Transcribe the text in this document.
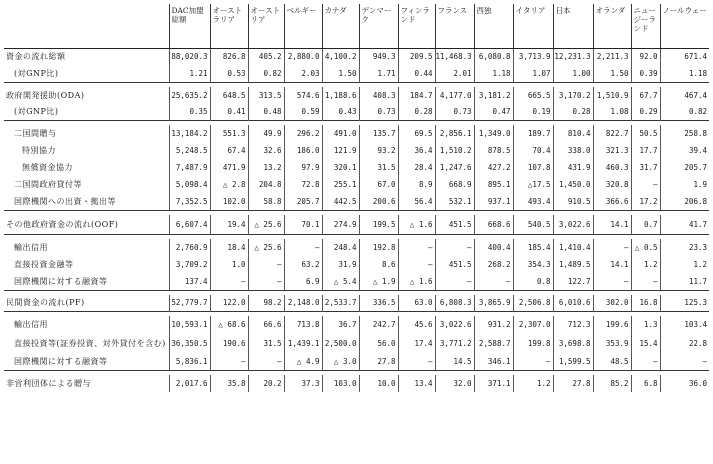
	DAC加盟総額	オーストラリア	オーストリア	ベルギー	カナダ	デンマーク	フィンランド	フランス	西独	イタリア	日本	オランダ	ニュージーランド	ノールウェー
資金の流れ総額	88,020.3	826.8	405.2	2,880.0	4,100.2	949.3	209.5	11,468.3	6,080.8	3,713.9	12,231.3	2,211.3	92.0	671.4
(対GNP比)	1.21	0.53	0.82	2.03	1.50	1.71	0.44	2.01	1.18	1.07	1.00	1.50	0.39	1.18

政府開発援助(ODA)	25,635.2	648.5	313.5	574.6	1,188.6	408.3	184.7	4,177.0	3,181.2	665.5	3,170.2	1,510.9	67.7	467.4
(対GNP比)	0.35	0.41	0.48	0.59	0.43	0.73	0.28	0.73	0.47	0.19	0.28	1.08	0.29	0.82

二国間贈与	13,184.2	551.3	49.9	296.2	491.0	135.7	69.5	2,856.1	1,349.0	189.7	810.4	822.7	50.5	258.8
特別協力	5,248.5	67.4	32.6	186.0	121.9	93.2	36.4	1,510.2	878.5	70.4	338.0	321.3	17.7	39.4
無償資金協力	7,487.9	471.9	13.2	97.9	320.1	31.5	28.4	1,247.6	427.2	107.8	431.9	460.3	31.7	205.7
二国間政府貸付等	5,098.4	△ 2.8	204.8	72.8	255.1	67.0	8.9	668.9	895.1	△17.5	1,450.0	320.8	—	1.9
国際機関への出資・拠出等	7,352.5	102.0	58.8	205.7	442.5	200.6	56.4	532.1	937.1	493.4	910.5	366.6	17.2	206.8

その他政府資金の流れ(OOF)	6,607.4	19.4	△ 25.6	70.1	274.9	199.5	△ 1.6	451.5	668.6	540.5	3,022.6	14.1	0.7	41.7

輸出信用	2,760.9	18.4	△ 25.6	—	248.4	192.8	—	—	400.4	185.4	1,410.4	—	△ 0.5	23.3
直接投資金融等	3,709.2	1.0	—	63.2	31.9	8.6	—	451.5	268.2	354.3	1,489.5	14.1	1.2	1.2
国際機関に対する融資等	137.4	—	—	6.9	△ 5.4	△ 1.9	△ 1.6	—	—	0.8	122.7	—	—	11.7

民間資金の流れ(PF)	52,779.7	122.0	98.2	2,148.0	2,533.7	336.5	63.0	6,808.3	3,865.9	2,506.8	6,010.6	302.0	16.8	125.3

輸出信用	10,593.1	△ 68.6	66.6	713.8	36.7	242.7	45.6	3,022.6	931.2	2,307.0	712.3	199.6	1.3	103.4
直接投資等(証券投資、対外貸付を含む)	36,350.5	190.6	31.5	1,439.1	2,500.0	56.0	17.4	3,771.2	2,588.7	199.8	3,698.8	353.9	15.4	22.8
国際機関に対する融資等	5,836.1	—	—	△ 4.9	△ 3.0	27.8	—	14.5	346.1	—	1,599.5	48.5	—	—

非営利団体による贈与	2,017.6	35.8	20.2	37.3	103.0	10.0	13.4	32.0	371.1	1.2	27.8	85.2	6.8	36.0
